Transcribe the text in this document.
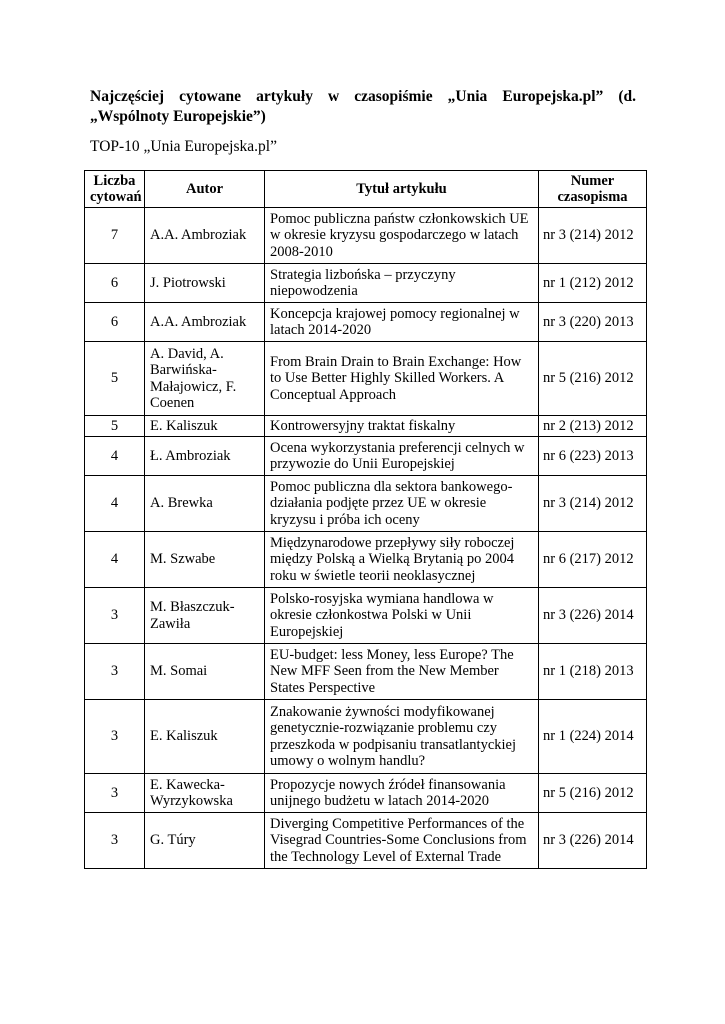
Najczęściej cytowane artykuły w czasopiśmie „Unia Europejska.pl” (d. „Wspólnoty Europejskie”)
TOP-10 „Unia Europejska.pl”
Liczba cytowań	Autor	Tytuł artykułu	Numer czasopisma
7	A.A. Ambroziak	Pomoc publiczna państw członkowskich UE w okresie kryzysu gospodarczego w latach 2008-2010	nr 3 (214) 2012
6	J. Piotrowski	Strategia lizbońska – przyczyny niepowodzenia	nr 1 (212) 2012
6	A.A. Ambroziak	Koncepcja krajowej pomocy regionalnej w latach 2014-2020	nr 3 (220) 2013
5	A. David, A. Barwińska-Małajowicz, F. Coenen	From Brain Drain to Brain Exchange: How to Use Better Highly Skilled Workers. A Conceptual Approach	nr 5 (216) 2012
5	E. Kaliszuk	Kontrowersyjny traktat fiskalny	nr 2 (213) 2012
4	Ł. Ambroziak	Ocena wykorzystania preferencji celnych w przywozie do Unii Europejskiej	nr 6 (223) 2013
4	A. Brewka	Pomoc publiczna dla sektora bankowego-działania podjęte przez UE w okresie kryzysu i próba ich oceny	nr 3 (214) 2012
4	M. Szwabe	Międzynarodowe przepływy siły roboczej między Polską a Wielką Brytanią po 2004 roku w świetle teorii neoklasycznej	nr 6 (217) 2012
3	M. Błaszczuk-Zawiła	Polsko-rosyjska wymiana handlowa w okresie członkostwa Polski w Unii Europejskiej	nr 3 (226) 2014
3	M. Somai	EU-budget: less Money, less Europe? The New MFF Seen from the New Member States Perspective	nr 1 (218) 2013
3	E. Kaliszuk	Znakowanie żywności modyfikowanej genetycznie-rozwiązanie problemu czy przeszkoda w podpisaniu transatlantyckiej umowy o wolnym handlu?	nr 1 (224) 2014
3	E. Kawecka-Wyrzykowska	Propozycje nowych źródeł finansowania unijnego budżetu w latach 2014-2020	nr 5 (216) 2012
3	G. Túry	Diverging Competitive Performances of the Visegrad Countries-Some Conclusions from the Technology Level of External Trade	nr 3 (226) 2014
